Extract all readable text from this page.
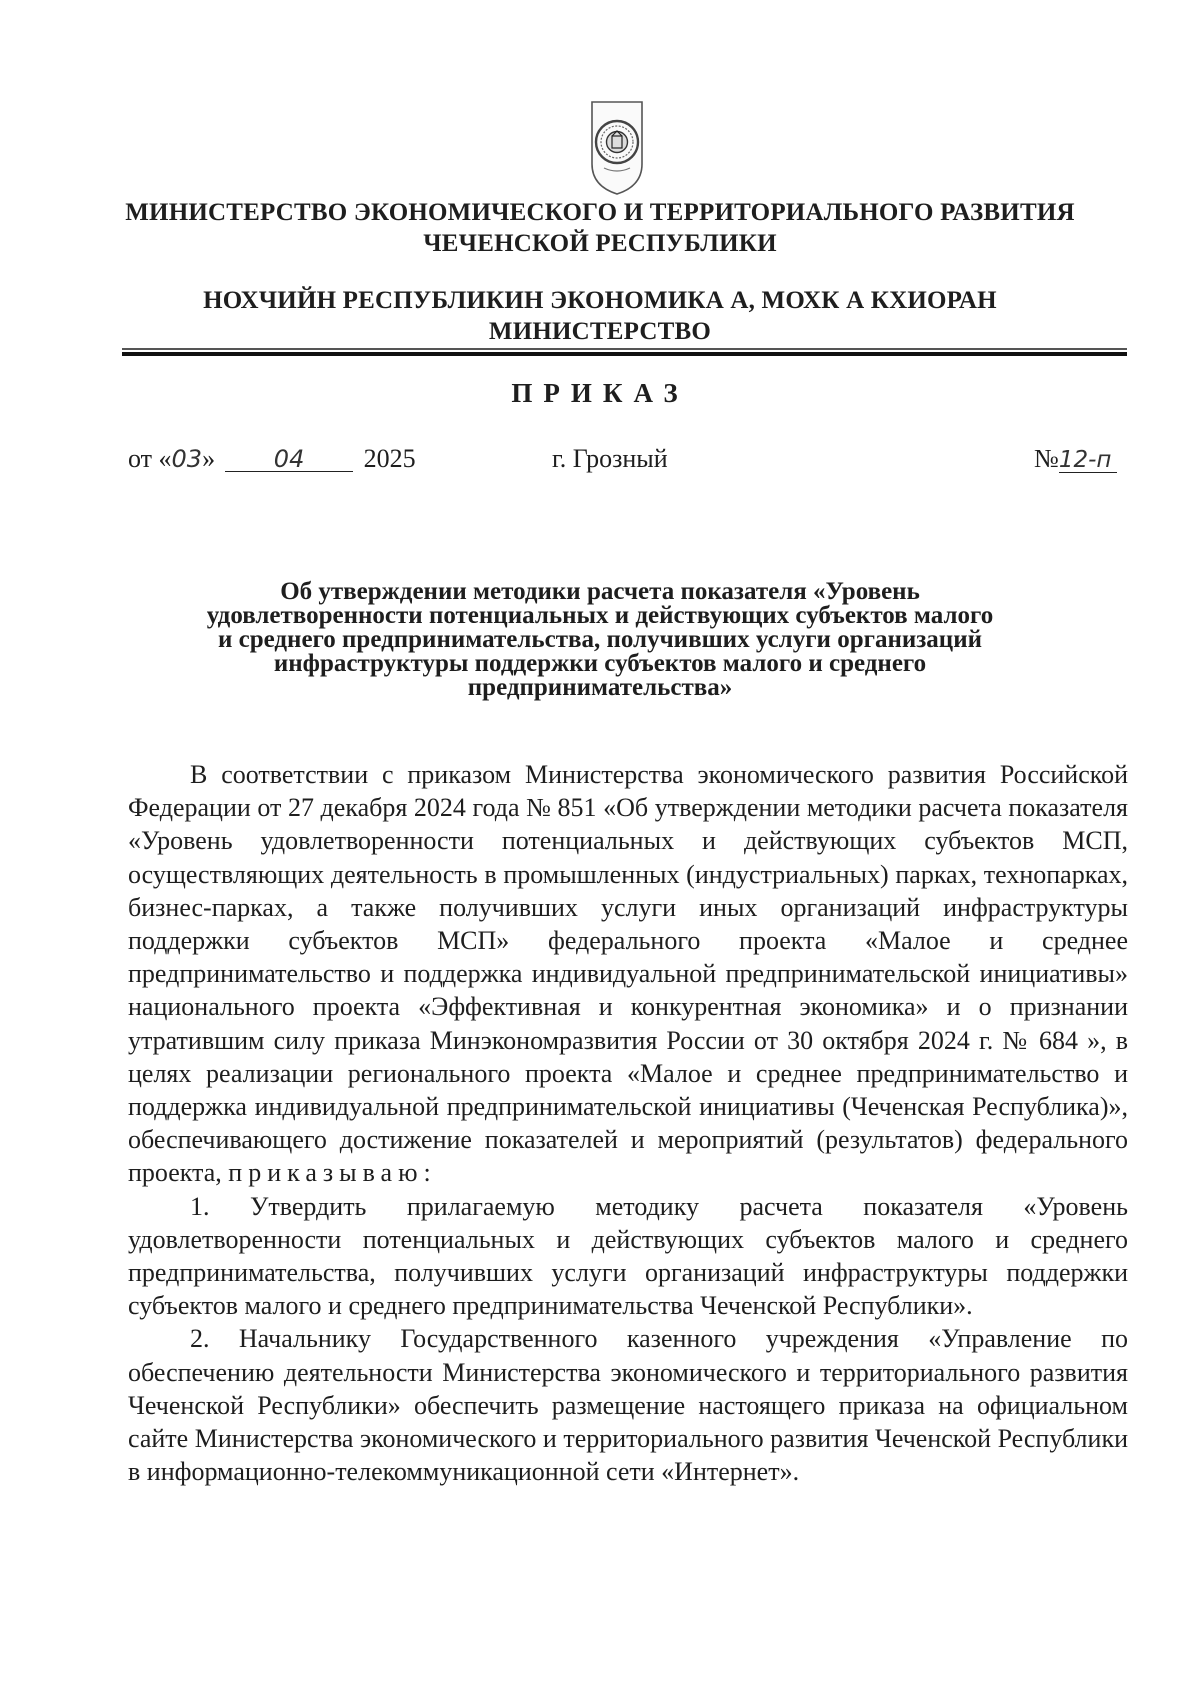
МИНИСТЕРСТВО ЭКОНОМИЧЕСКОГО И ТЕРРИТОРИАЛЬНОГО РАЗВИТИЯ
ЧЕЧЕНСКОЙ РЕСПУБЛИКИ
НОХЧИЙН РЕСПУБЛИКИН ЭКОНОМИКА А, МОХК А КХИОРАН
МИНИСТЕРСТВО
ПРИКАЗ
от «03» 04 2025	г. Грозный	№12-п
Об утверждении методики расчета показателя «Уровень
удовлетворенности потенциальных и действующих субъектов малого
и среднего предпринимательства, получивших услуги организаций
инфраструктуры поддержки субъектов малого и среднего
предпринимательства»

В соответствии с приказом Министерства экономического развития Российской Федерации от 27 декабря 2024 года № 851 «Об утверждении методики расчета показателя «Уровень удовлетворенности потенциальных и действующих субъектов МСП, осуществляющих деятельность в промышленных (индустриальных) парках, технопарках, бизнес-парках, а также получивших услуги иных организаций инфраструктуры поддержки субъектов МСП» федерального проекта «Малое и среднее предпринимательство и поддержка индивидуальной предпринимательской инициативы» национального проекта «Эффективная и конкурентная экономика» и о признании утратившим силу приказа Минэкономразвития России от 30 октября 2024 г. № 684 », в целях реализации регионального проекта «Малое и среднее предпринимательство и поддержка индивидуальной предпринимательской инициативы (Чеченская Республика)», обеспечивающего достижение показателей и мероприятий (результатов) федерального проекта, приказываю:

1. Утвердить прилагаемую методику расчета показателя «Уровень удовлетворенности потенциальных и действующих субъектов малого и среднего предпринимательства, получивших услуги организаций инфраструктуры поддержки субъектов малого и среднего предпринимательства Чеченской Республики».

2. Начальнику Государственного казенного учреждения «Управление по обеспечению деятельности Министерства экономического и территориального развития Чеченской Республики» обеспечить размещение настоящего приказа на официальном сайте Министерства экономического и территориального развития Чеченской Республики в информационно-телекоммуникационной сети «Интернет».
